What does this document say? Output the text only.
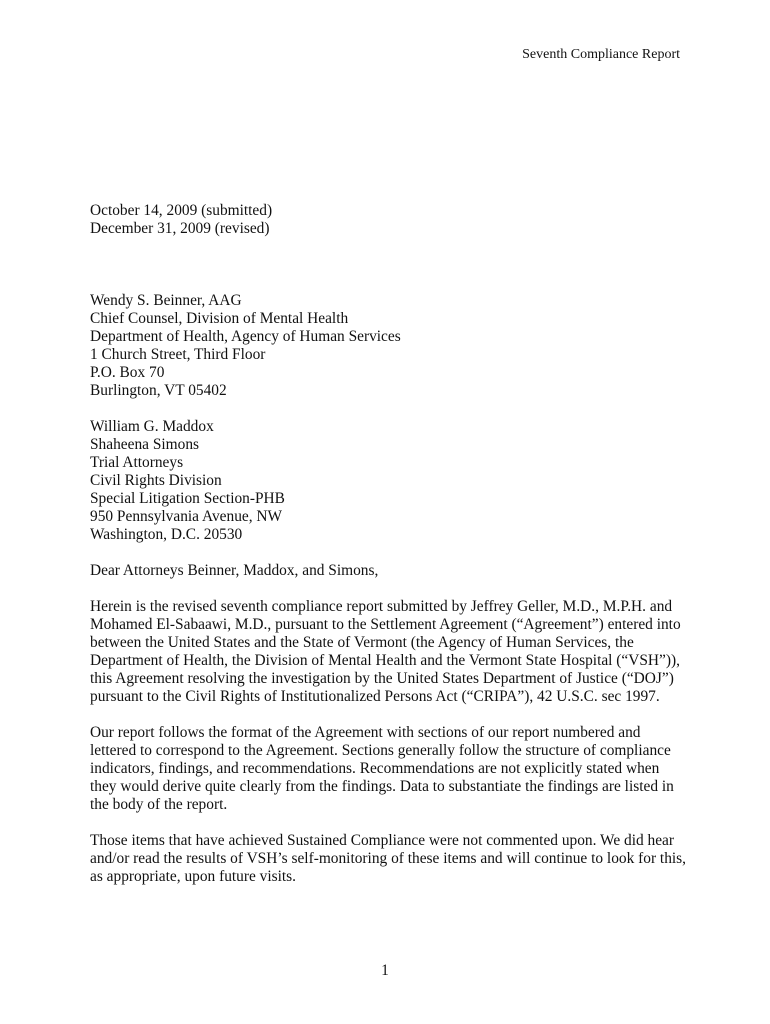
Seventh Compliance Report
October 14, 2009 (submitted)
December 31, 2009 (revised)
Wendy S. Beinner, AAG
Chief Counsel, Division of Mental Health
Department of Health, Agency of Human Services
1 Church Street, Third Floor
P.O. Box 70
Burlington, VT 05402
William G. Maddox
Shaheena Simons
Trial Attorneys
Civil Rights Division
Special Litigation Section-PHB
950 Pennsylvania Avenue, NW
Washington, D.C. 20530
Dear Attorneys Beinner, Maddox, and Simons,
Herein is the revised seventh compliance report submitted by Jeffrey Geller, M.D., M.P.H. and
Mohamed El-Sabaawi, M.D., pursuant to the Settlement Agreement (“Agreement”) entered into
between the United States and the State of Vermont (the Agency of Human Services, the
Department of Health, the Division of Mental Health and the Vermont State Hospital (“VSH”)),
this Agreement resolving the investigation by the United States Department of Justice (“DOJ”)
pursuant to the Civil Rights of Institutionalized Persons Act (“CRIPA”), 42 U.S.C. sec 1997.
Our report follows the format of the Agreement with sections of our report numbered and
lettered to correspond to the Agreement. Sections generally follow the structure of compliance
indicators, findings, and recommendations. Recommendations are not explicitly stated when
they would derive quite clearly from the findings. Data to substantiate the findings are listed in
the body of the report.
Those items that have achieved Sustained Compliance were not commented upon. We did hear
and/or read the results of VSH’s self-monitoring of these items and will continue to look for this,
as appropriate, upon future visits.
1
